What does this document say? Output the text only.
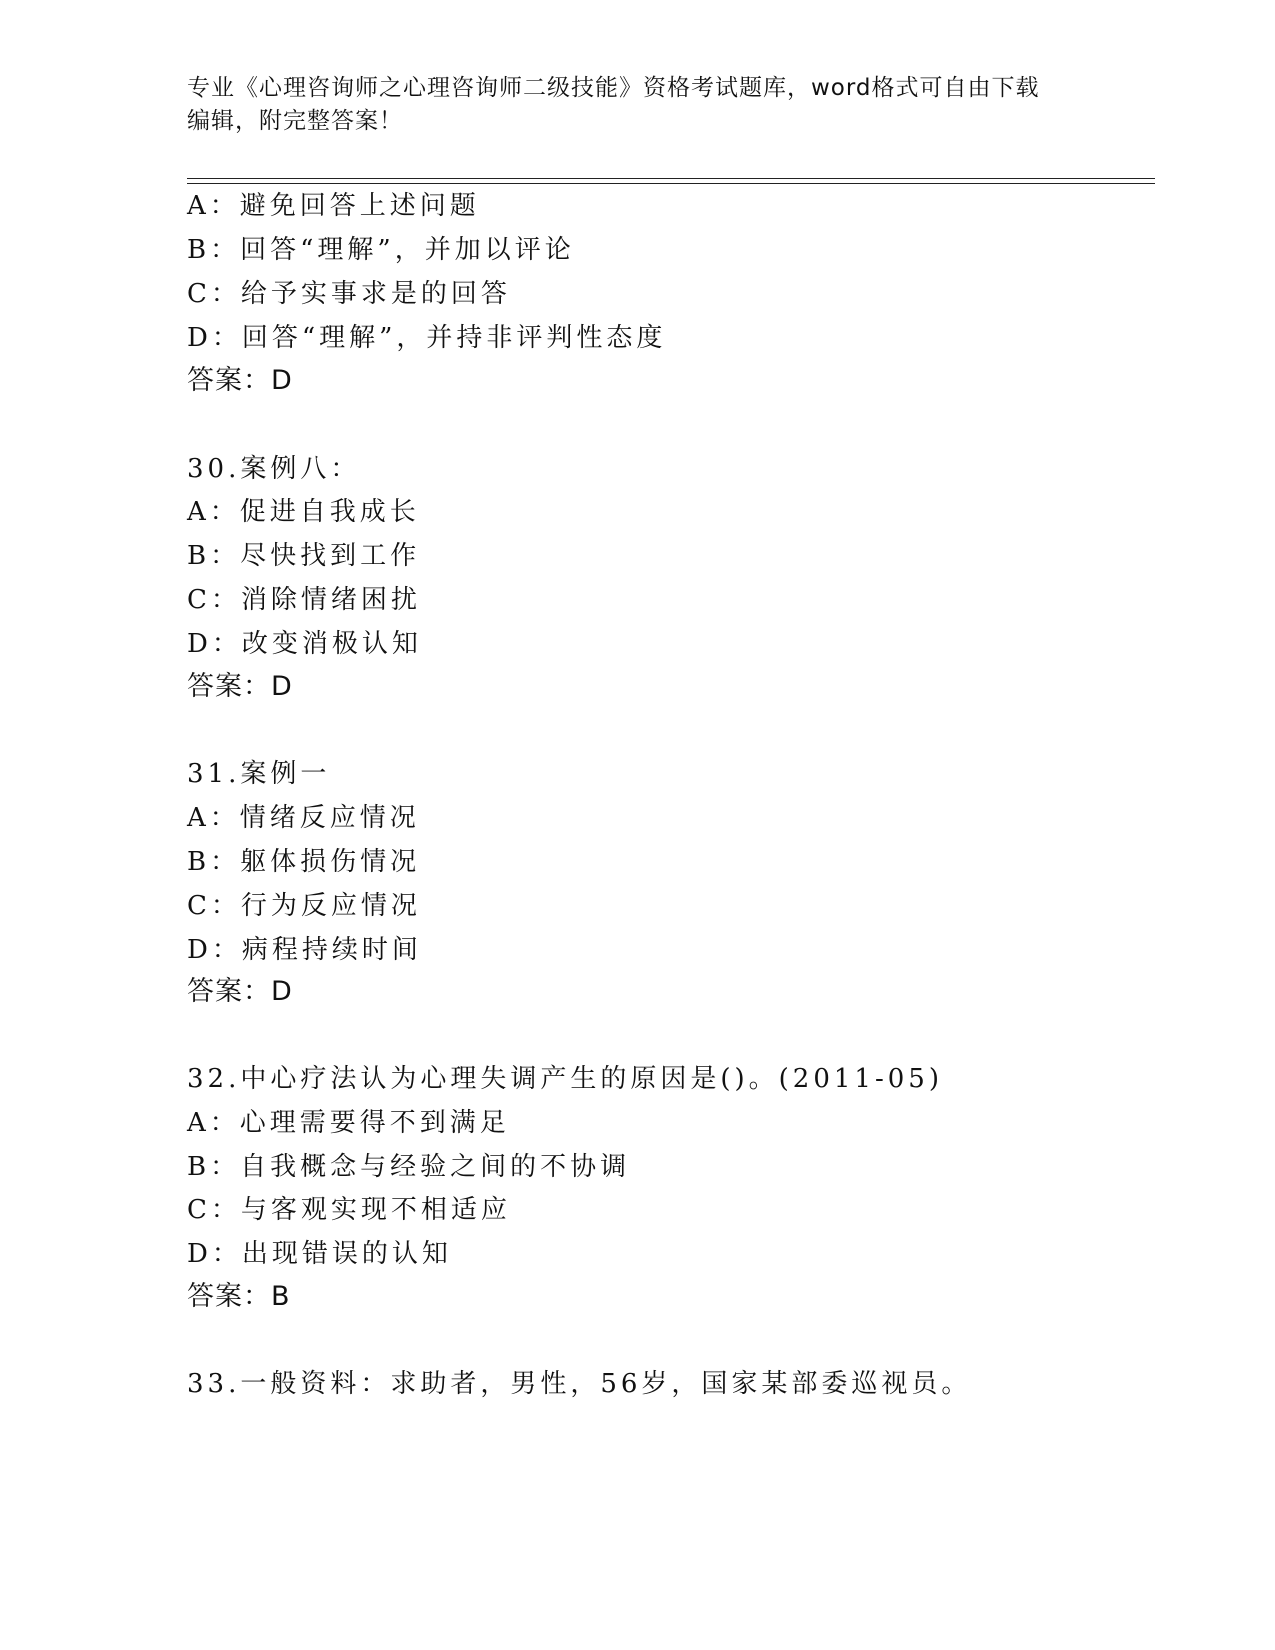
专业《心理咨询师之心理咨询师二级技能》资格考试题库，word格式可自由下载
编辑，附完整答案！
A：避免回答上述问题
B：回答“理解”，并加以评论
C：给予实事求是的回答
D：回答“理解”，并持非评判性态度
答案：D
30.案例八：
A：促进自我成长
B：尽快找到工作
C：消除情绪困扰
D：改变消极认知
答案：D
31.案例一
A：情绪反应情况
B：躯体损伤情况
C：行为反应情况
D：病程持续时间
答案：D
32.中心疗法认为心理失调产生的原因是()。(2011-05)
A：心理需要得不到满足
B：自我概念与经验之间的不协调
C：与客观实现不相适应
D：出现错误的认知
答案：B
33.一般资料：求助者，男性，56岁，国家某部委巡视员。
